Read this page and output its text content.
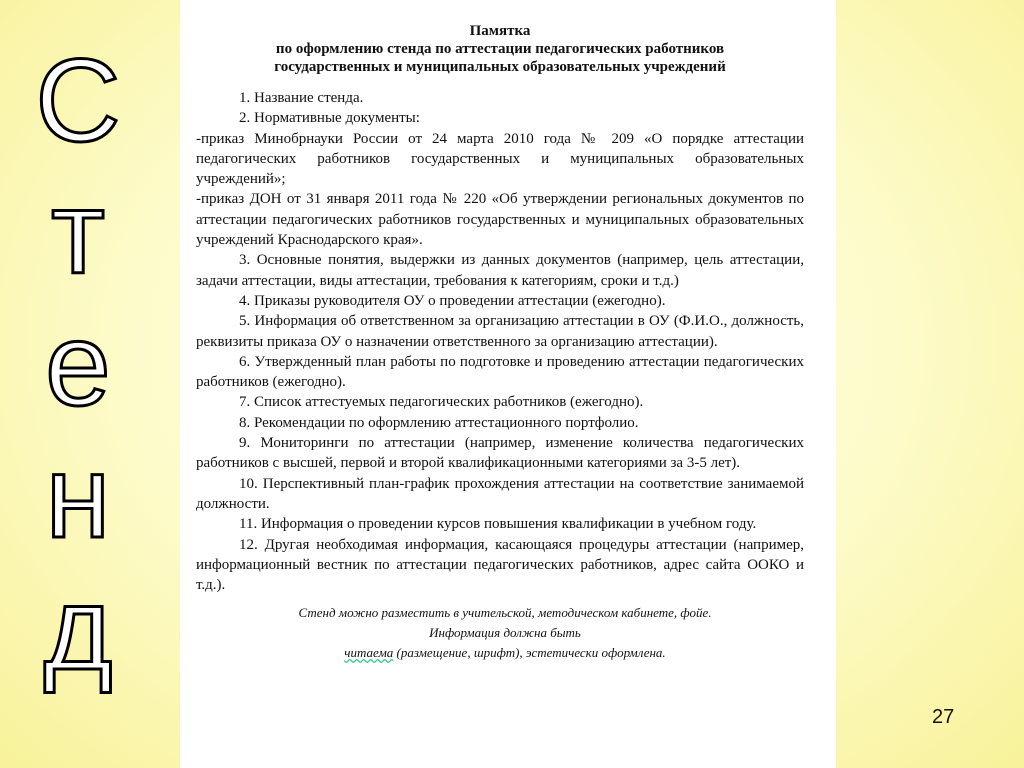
С
т
е
н
д
Памятка
по оформлению стенда по аттестации педагогических работников
государственных и муниципальных образовательных учреждений

1. Название стенда.

2. Нормативные документы:

-приказ Минобрнауки России от 24 марта 2010 года № 209 «О порядке аттестации педагогических работников государственных и муниципальных образовательных учреждений»;

-приказ ДОН от 31 января 2011 года № 220 «Об утверждении региональных документов по аттестации педагогических работников государственных и муниципальных образовательных учреждений Краснодарского края».

3. Основные понятия, выдержки из данных документов (например, цель аттестации, задачи аттестации, виды аттестации, требования к категориям, сроки и т.д.)

4. Приказы руководителя ОУ о проведении аттестации (ежегодно).

5. Информация об ответственном за организацию аттестации в ОУ (Ф.И.О., должность, реквизиты приказа ОУ о назначении ответственного за организацию аттестации).

6. Утвержденный план работы по подготовке и проведению аттестации педагогических работников (ежегодно).

7. Список аттестуемых педагогических работников (ежегодно).

8. Рекомендации по оформлению аттестационного портфолио.

9. Мониторинги по аттестации (например, изменение количества педагогических работников с высшей, первой и второй квалификационными категориями за 3-5 лет).

10. Перспективный план-график прохождения аттестации на соответствие занимаемой должности.

11. Информация о проведении курсов повышения квалификации в учебном году.

12. Другая необходимая информация, касающаяся процедуры аттестации (например, информационный вестник по аттестации педагогических работников, адрес сайта ООКО и т.д.).

Стенд можно разместить в учительской, методическом кабинете, фойе.
Информация должна быть
читаема (размещение, шрифт), эстетически оформлена.
27
